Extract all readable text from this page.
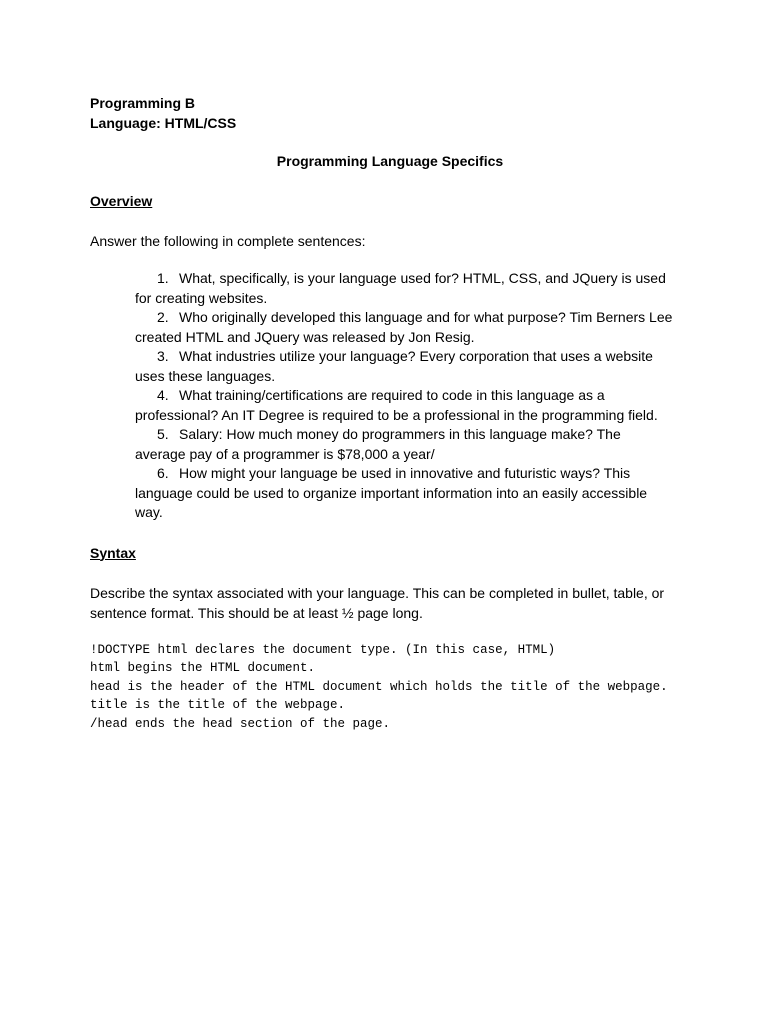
Programming B
Language: HTML/CSS
Programming Language Specifics
Overview
Answer the following in complete sentences:
1. What, specifically, is your language used for? HTML, CSS, and JQuery is used for creating websites.
2. Who originally developed this language and for what purpose? Tim Berners Lee created HTML and JQuery was released by Jon Resig.
3. What industries utilize your language? Every corporation that uses a website uses these languages.
4. What training/certifications are required to code in this language as a professional? An IT Degree is required to be a professional in the programming field.
5. Salary: How much money do programmers in this language make? The average pay of a programmer is $78,000 a year/
6. How might your language be used in innovative and futuristic ways? This language could be used to organize important information into an easily accessible way.
Syntax
Describe the syntax associated with your language. This can be completed in bullet, table, or sentence format. This should be at least ½ page long.
!DOCTYPE html declares the document type. (In this case, HTML)
html begins the HTML document.
head is the header of the HTML document which holds the title of the webpage.
title is the title of the webpage.
/head ends the head section of the page.
